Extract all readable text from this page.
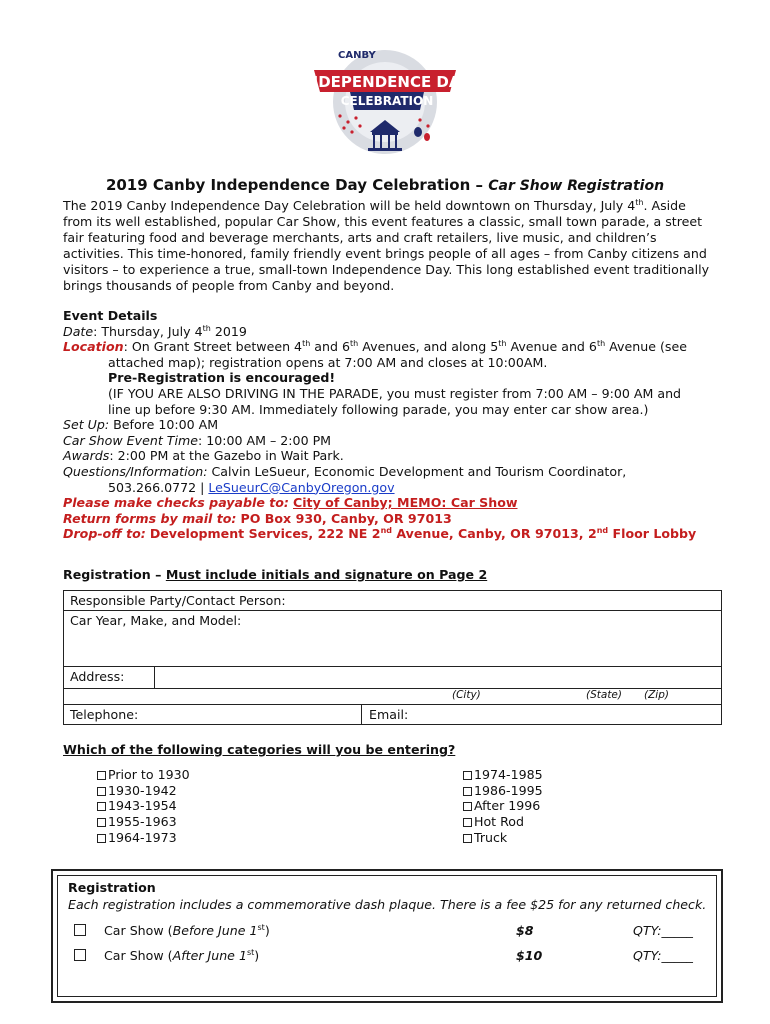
CANBY
INDEPENDENCE DAY
CELEBRATION
2019 Canby Independence Day Celebration – Car Show Registration

The 2019 Canby Independence Day Celebration will be held downtown on Thursday, July 4th. Aside from its well established, popular Car Show, this event features a classic, small town parade, a street fair featuring food and beverage merchants, arts and craft retailers, live music, and children’s activities. This time-honored, family friendly event brings people of all ages – from Canby citizens and visitors – to experience a true, small-town Independence Day. This long established event traditionally brings thousands of people from Canby and beyond.

Event Details
Date: Thursday, July 4th 2019
Location: On Grant Street between 4th and 6th Avenues, and along 5th Avenue and 6th Avenue (see
attached map); registration opens at 7:00 AM and closes at 10:00AM.
Pre-Registration is encouraged!
(IF YOU ARE ALSO DRIVING IN THE PARADE, you must register from 7:00 AM – 9:00 AM and
line up before 9:30 AM. Immediately following parade, you may enter car show area.)
Set Up: Before 10:00 AM
Car Show Event Time: 10:00 AM – 2:00 PM
Awards: 2:00 PM at the Gazebo in Wait Park.
Questions/Information: Calvin LeSueur, Economic Development and Tourism Coordinator,
503.266.0772 | LeSueurC@CanbyOregon.gov
Please make checks payable to: City of Canby; MEMO: Car Show
Return forms by mail to: PO Box 930, Canby, OR 97013
Drop-off to: Development Services, 222 NE 2nd Avenue, Canby, OR 97013, 2nd Floor Lobby
Registration – Must include initials and signature on Page 2
Responsible Party/Contact Person:
Car Year, Make, and Model:
Address:
(City)	(State) (Zip)
Telephone:	Email:
Which of the following categories will you be entering?
Prior to 1930
1930-1942
1943-1954
1955-1963
1964-1973
1974-1985
1986-1995
After 1996
Hot Rod
Truck
Registration
Each registration includes a commemorative dash plaque. There is a fee $25 for any returned check.
Car Show (Before June 1st)	$8	QTY:_____
Car Show (After June 1st)	$10	QTY:_____
